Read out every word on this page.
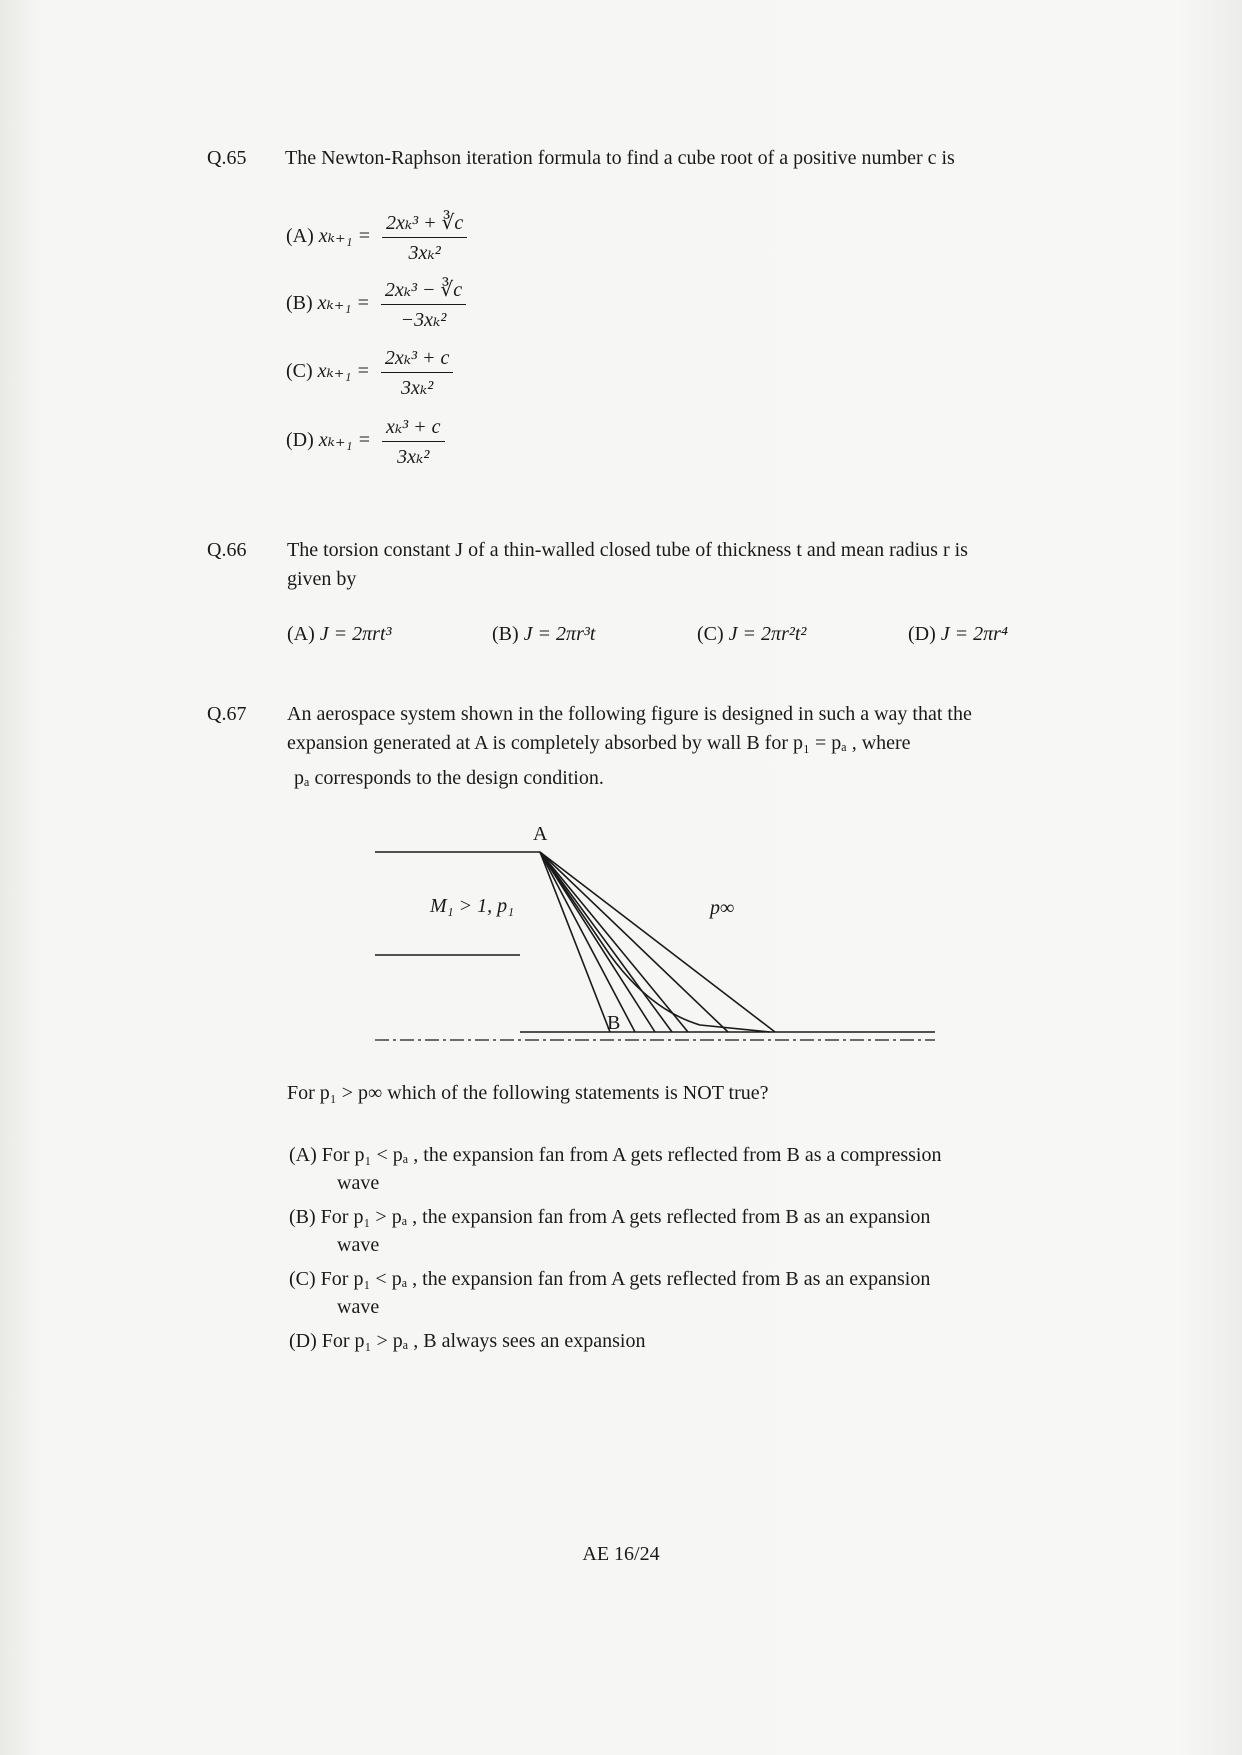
Q.65 The Newton-Raphson iteration formula to find a cube root of a positive number c is
(A) $x_{k+1} = \frac{\text{2xₖ³ + ∛c}}{\text{3xₖ²}}$
(B) $x_{k+1} = \frac{\text{2xₖ³ − ∛c}}{\text{−3xₖ²}}$
(C) $x_{k+1} = \frac{\text{2xₖ³ + c}}{\text{3xₖ²}}$
(D) $x_{k+1} = \frac{\text{xₖ³ + c}}{\text{3xₖ²}}$
Q.66 The torsion constant J of a thin-walled closed tube of thickness t and mean radius r is
given by
(A) J = 2πrt³	(B) J = 2πr³t	(C) J = 2πr²t²	(D) J = 2πr⁴
Q.67 An aerospace system shown in the following figure is designed in such a way that the
expansion generated at A is completely absorbed by wall B for p₁ = pₐ , where
pₐ corresponds to the design condition.
A
B
M₁ > 1, p₁	p∞
For p₁ > p∞ which of the following statements is NOT true?
(A) For p₁ < pₐ , the expansion fan from A gets reflected from B as a compression
wave
(B) For p₁ > pₐ , the expansion fan from A gets reflected from B as an expansion
wave
(C) For p₁ < pₐ , the expansion fan from A gets reflected from B as an expansion
wave
(D) For p₁ > pₐ , B always sees an expansion
AE 16/24
